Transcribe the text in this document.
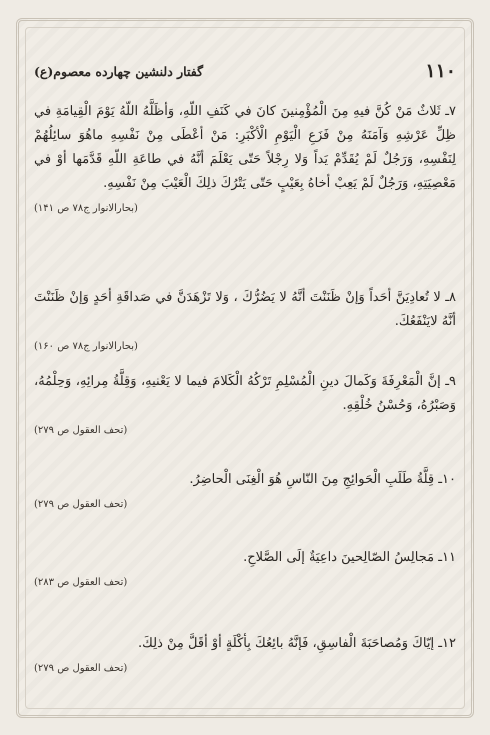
١١٠
گفتار دلنشین چهارده معصوم(ع)

٧ـ ثَلاثٌ مَنْ كُنَّ فيهِ مِنَ الْمُؤْمِنينَ كانَ في كَنَفِ اللّهِ، وَأظَلَّهُ اللّهُ يَوْمَ الْقِيامَةِ في ظِلِّ عَرْشِهِ وَآمَنَهُ مِنْ فَزَعِ الْيَوْمِ الْأكْبَرِ: مَنْ أعْطَى مِنْ نَفْسِهِ ماهُوَ سائِلُهُمْ لِنَفْسِهِ، وَرَجُلٌ لَمْ يُقَدِّمْ يَداً وَلا رِجْلاً حَتّى يَعْلَمَ أنَّهُ في طاعَةِ اللّهِ قَدَّمَها أوْ في مَعْصِيَتِهِ، وَرَجُلٌ لَمْ يَعِبْ أخاهُ بِعَيْبٍ حَتّى يَتْرُكَ ذلِكَ الْعَيْبَ مِنْ نَفْسِهِ.

(بحارالانوار ج۷۸ ص ۱۴۱)

٨ـ لا تُعادِيَنَّ أحَداً وَإنْ ظَنَنْتَ أنَّهُ لا يَضُرُّكَ ، وَلا تَزْهَدَنَّ في صَداقَةِ أحَدٍ وَإنْ ظَنَنْتَ أنَّهُ لايَنْفَعُكَ.

(بحارالانوار ج۷۸ ص ۱۶۰)

٩ـ إنَّ الْمَعْرِفَةَ وَكَمالَ دينِ الْمُسْلِمِ تَرْكُهُ الْكَلامَ فيما لا يَعْنيهِ، وَقِلَّةُ مِرائِهِ، وَحِلْمُهُ، وَصَبْرُهُ، وَحُسْنُ خُلْقِهِ.

(تحف العقول ص ۲۷۹)

١٠ـ قِلَّةُ طَلَبِ الْحَوائِجِ مِنَ النّاسِ هُوَ الْغِنَى الْحاضِرُ.

(تحف العقول ص ۲۷۹)

١١ـ مَجالِسُ الصّالِحينَ داعِيَةٌ إلَى الصَّلاحِ.

(تحف العقول ص ۲۸۳)

١٢ـ إيّاكَ وَمُصاحَبَةَ الْفاسِقِ، فَإنَّهُ بائِعُكَ بِأكْلَةٍ أوْ أقَلَّ مِنْ ذلِكَ.

(تحف العقول ص ۲۷۹)
